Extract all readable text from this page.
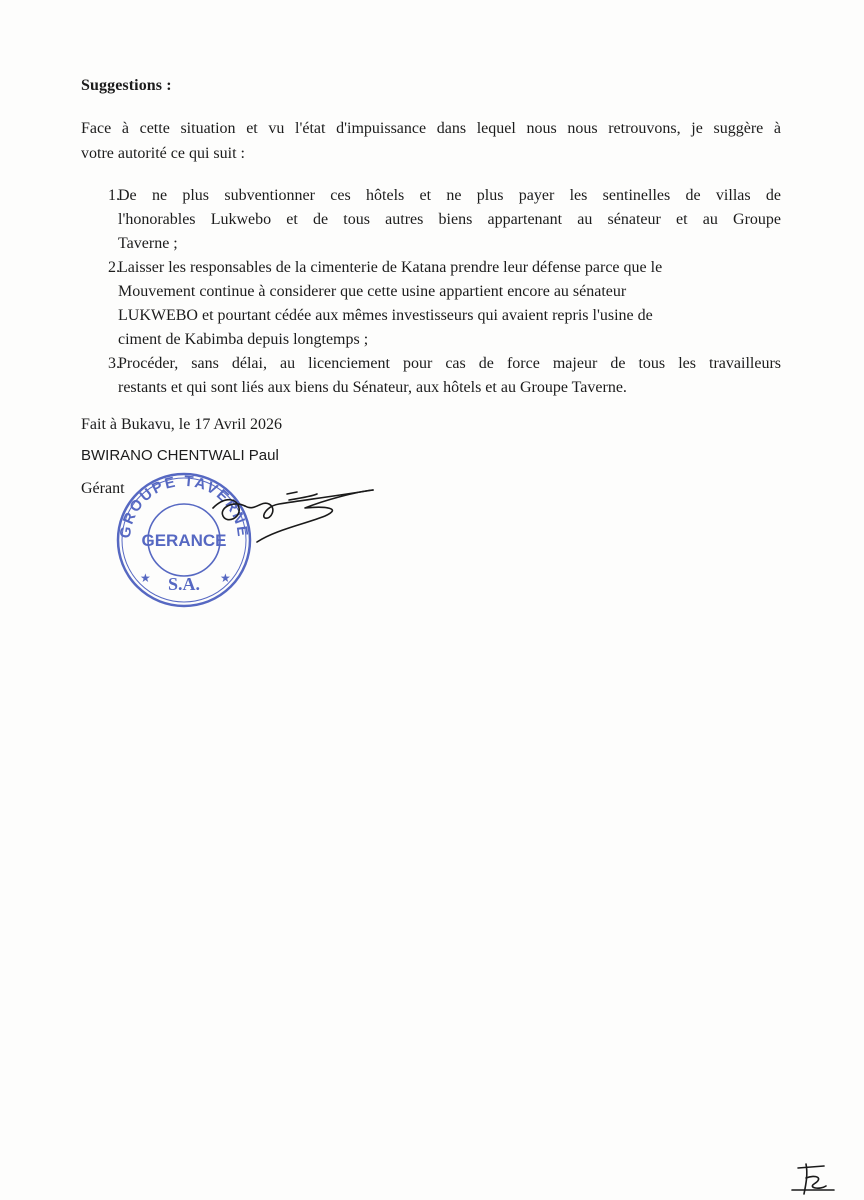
Suggestions :
Face à cette situation et vu l'état d'impuissance dans lequel nous nous retrouvons, je suggère à
votre autorité ce qui suit :
1.
De ne plus subventionner ces hôtels et ne plus payer les sentinelles de villas de
l'honorables Lukwebo et de tous autres biens appartenant au sénateur et au Groupe
Taverne ;
2.
Laisser les responsables de la cimenterie de Katana prendre leur défense parce que le
Mouvement continue à considerer que cette usine appartient encore au sénateur
LUKWEBO et pourtant cédée aux mêmes investisseurs qui avaient repris l'usine de
ciment de Kabimba depuis longtemps ;
3.
Procéder, sans délai, au licenciement pour cas de force majeur de tous les travailleurs
restants et qui sont liés aux biens du Sénateur, aux hôtels et au Groupe Taverne.
Fait à Bukavu, le 17 Avril 2026
BWIRANO CHENTWALI Paul
Gérant
GROUPE TAVERNE
GERANCE
S.A.
★	★
